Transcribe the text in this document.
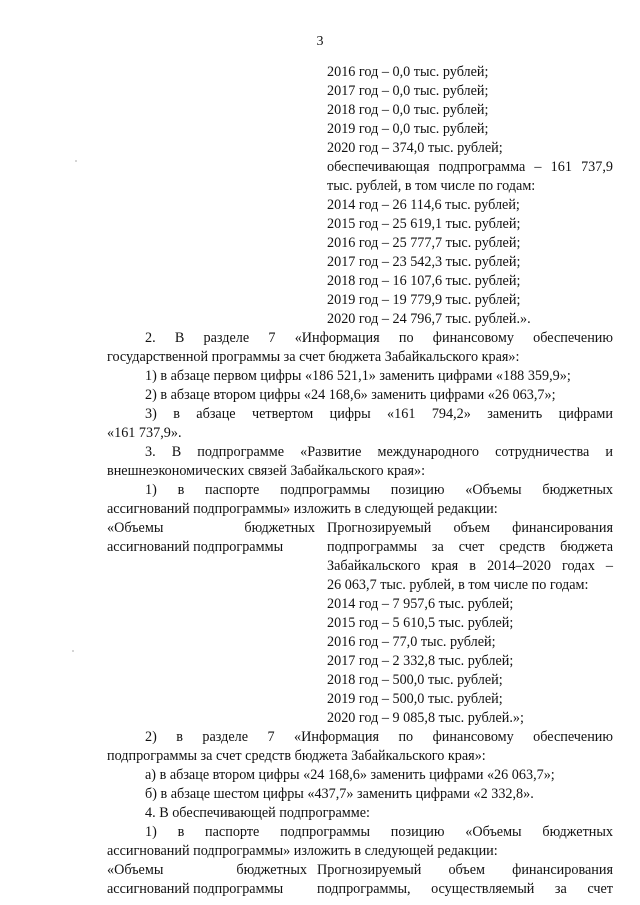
3
2016 год – 0,0 тыс. рублей;
2017 год – 0,0 тыс. рублей;
2018 год – 0,0 тыс. рублей;
2019 год – 0,0 тыс. рублей;
2020 год – 374,0 тыс. рублей;
обеспечивающая подпрограмма – 161 737,9
тыс. рублей, в том числе по годам:
2014 год – 26 114,6 тыс. рублей;
2015 год – 25 619,1 тыс. рублей;
2016 год – 25 777,7 тыс. рублей;
2017 год – 23 542,3 тыс. рублей;
2018 год – 16 107,6 тыс. рублей;
2019 год – 19 779,9 тыс. рублей;
2020 год – 24 796,7 тыс. рублей.».
2. В разделе 7 «Информация по финансовому обеспечению
государственной программы за счет бюджета Забайкальского края»:
1) в абзаце первом цифры «186 521,1» заменить цифрами «188 359,9»;
2) в абзаце втором цифры «24 168,6» заменить цифрами «26 063,7»;
3) в абзаце четвертом цифры «161 794,2» заменить цифрами
«161 737,9».
3. В подпрограмме «Развитие международного сотрудничества и
внешнеэкономических связей Забайкальского края»:
1) в паспорте подпрограммы позицию «Объемы бюджетных
ассигнований подпрограммы» изложить в следующей редакции:
«Объемы бюджетных
ассигнований подпрограммы
Прогнозируемый объем финансирования
подпрограммы за счет средств бюджета
Забайкальского края в 2014–2020 годах –
26 063,7 тыс. рублей, в том числе по годам:
2014 год – 7 957,6 тыс. рублей;
2015 год – 5 610,5 тыс. рублей;
2016 год – 77,0 тыс. рублей;
2017 год – 2 332,8 тыс. рублей;
2018 год – 500,0 тыс. рублей;
2019 год – 500,0 тыс. рублей;
2020 год – 9 085,8 тыс. рублей.»;
2) в разделе 7 «Информация по финансовому обеспечению
подпрограммы за счет средств бюджета Забайкальского края»:
а) в абзаце втором цифры «24 168,6» заменить цифрами «26 063,7»;
б) в абзаце шестом цифры «437,7» заменить цифрами «2 332,8».
4. В обеспечивающей подпрограмме:
1) в паспорте подпрограммы позицию «Объемы бюджетных
ассигнований подпрограммы» изложить в следующей редакции:
«Объемы бюджетных
ассигнований подпрограммы
Прогнозируемый объем финансирования
подпрограммы, осуществляемый за счет
